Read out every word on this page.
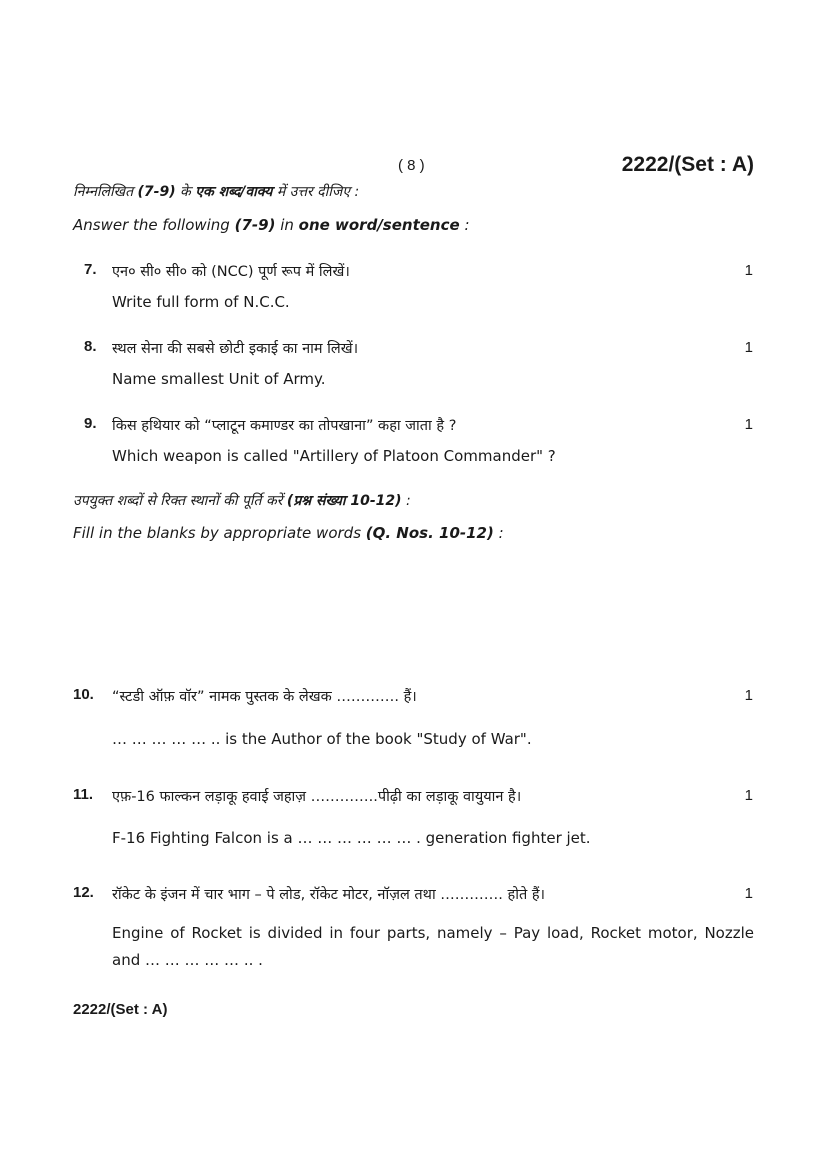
( 8 )	2222/(Set : A)
निम्नलिखित (7-9) के एक शब्द/वाक्य में उत्तर दीजिए :
Answer the following (7-9) in one word/sentence :
7. एन० सी० सी० को (NCC) पूर्ण रूप में लिखें।	1
Write full form of N.C.C.
8. स्थल सेना की सबसे छोटी इकाई का नाम लिखें।	1
Name smallest Unit of Army.
9. किस हथियार को “प्लाटून कमाण्डर का तोपखाना” कहा जाता है ?	1
Which weapon is called "Artillery of Platoon Commander" ?
उपयुक्त शब्दों से रिक्त स्थानों की पूर्ति करें (प्रश्न संख्या 10-12) :
Fill in the blanks by appropriate words (Q. Nos. 10-12) :
10. “स्टडी ऑफ़ वॉर” नामक पुस्तक के लेखक …………. हैं।	1
… … … … … .. is the Author of the book "Study of War".
11. एफ़-16 फाल्कन लड़ाकू हवाई जहाज़ …………..पीढ़ी का लड़ाकू वायुयान है।	1
F-16 Fighting Falcon is a … … … … … … . generation fighter jet.
12. रॉकेट के इंजन में चार भाग – पे लोड, रॉकेट मोटर, नॉज़ल तथा …………. होते हैं।	1
Engine of Rocket is divided in four parts, namely – Pay load, Rocket motor, Nozzle and … … … … … .. .
2222/(Set : A)
